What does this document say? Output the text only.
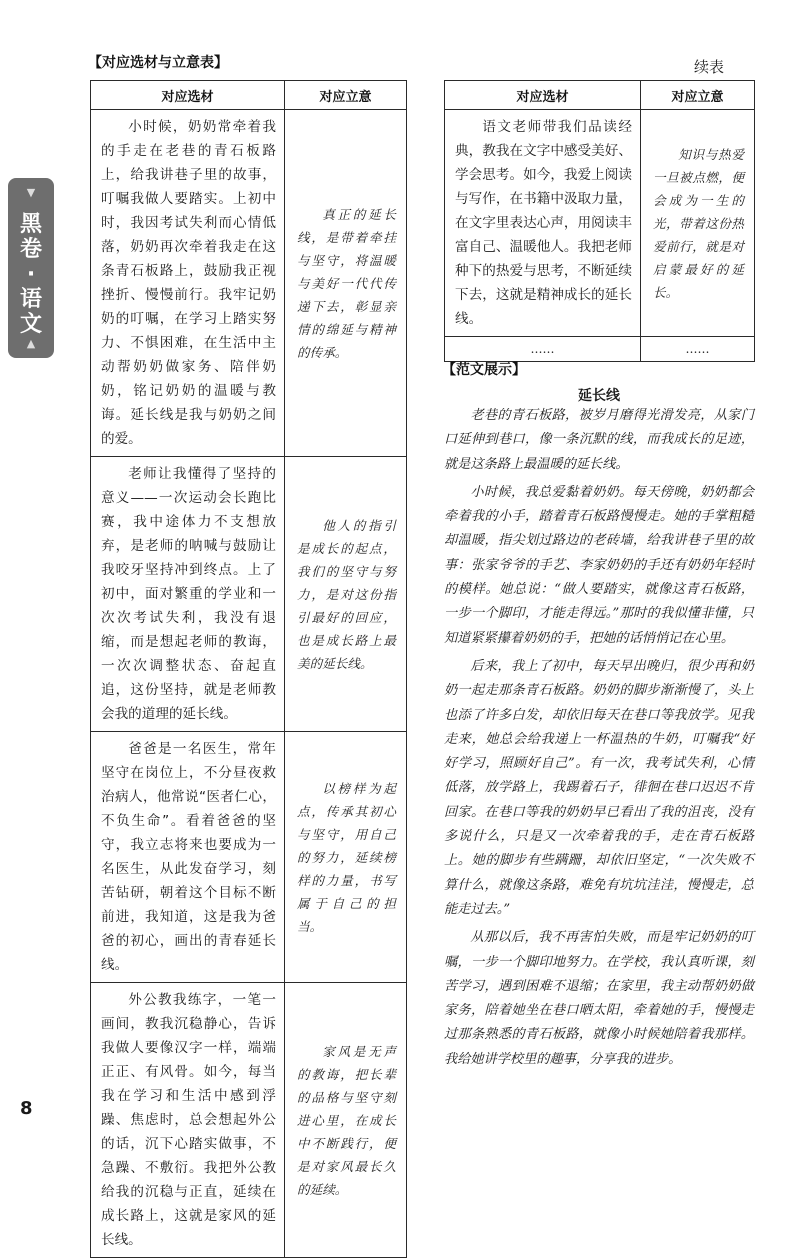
▼
黑
卷
·
语
文
▲
【对应选材与立意表】
对应选材	对应立意
小时候，奶奶常牵着我的手走在老巷的青石板路上，给我讲巷子里的故事，叮嘱我做人要踏实。上初中时，我因考试失利而心情低落，奶奶再次牵着我走在这条青石板路上，鼓励我正视挫折、慢慢前行。我牢记奶奶的叮嘱，在学习上踏实努力、不惧困难，在生活中主动帮奶奶做家务、陪伴奶奶，铭记奶奶的温暖与教诲。延长线是我与奶奶之间的爱。	真正的延长线，是带着牵挂与坚守，将温暖与美好一代代传递下去，彰显亲情的绵延与精神的传承。
老师让我懂得了坚持的意义——一次运动会长跑比赛，我中途体力不支想放弃，是老师的呐喊与鼓励让我咬牙坚持冲到终点。上了初中，面对繁重的学业和一次次考试失利，我没有退缩，而是想起老师的教诲，一次次调整状态、奋起直追，这份坚持，就是老师教会我的道理的延长线。	他人的指引是成长的起点，我们的坚守与努力，是对这份指引最好的回应，也是成长路上最美的延长线。
爸爸是一名医生，常年坚守在岗位上，不分昼夜救治病人，他常说“医者仁心，不负生命”。看着爸爸的坚守，我立志将来也要成为一名医生，从此发奋学习，刻苦钻研，朝着这个目标不断前进，我知道，这是我为爸爸的初心，画出的青春延长线。	以榜样为起点，传承其初心与坚守，用自己的努力，延续榜样的力量，书写属于自己的担当。
外公教我练字，一笔一画间，教我沉稳静心，告诉我做人要像汉字一样，端端正正、有风骨。如今，每当我在学习和生活中感到浮躁、焦虑时，总会想起外公的话，沉下心踏实做事，不急躁、不敷衍。我把外公教给我的沉稳与正直，延续在成长路上，这就是家风的延长线。	家风是无声的教诲，把长辈的品格与坚守刻进心里，在成长中不断践行，便是对家风最长久的延续。
续表
对应选材	对应立意
语文老师带我们品读经典，教我在文字中感受美好、学会思考。如今，我爱上阅读与写作，在书籍中汲取力量，在文字里表达心声，用阅读丰富自己、温暖他人。我把老师种下的热爱与思考，不断延续下去，这就是精神成长的延长线。	知识与热爱一旦被点燃，便会成为一生的光，带着这份热爱前行，就是对启蒙最好的延长。
……	……
【范文展示】
延长线

老巷的青石板路，被岁月磨得光滑发亮，从家门口延伸到巷口，像一条沉默的线，而我成长的足迹，就是这条路上最温暖的延长线。

小时候，我总爱黏着奶奶。每天傍晚，奶奶都会牵着我的小手，踏着青石板路慢慢走。她的手掌粗糙却温暖，指尖划过路边的老砖墙，给我讲巷子里的故事：张家爷爷的手艺、李家奶奶的手还有奶奶年轻时的模样。她总说：“做人要踏实，就像这青石板路，一步一个脚印，才能走得远。”那时的我似懂非懂，只知道紧紧攥着奶奶的手，把她的话悄悄记在心里。

后来，我上了初中，每天早出晚归，很少再和奶奶一起走那条青石板路。奶奶的脚步渐渐慢了，头上也添了许多白发，却依旧每天在巷口等我放学。见我走来，她总会给我递上一杯温热的牛奶，叮嘱我“好好学习，照顾好自己”。有一次，我考试失利，心情低落，放学路上，我踢着石子，徘徊在巷口迟迟不肯回家。在巷口等我的奶奶早已看出了我的沮丧，没有多说什么，只是又一次牵着我的手，走在青石板路上。她的脚步有些蹒跚，却依旧坚定，“一次失败不算什么，就像这条路，难免有坑坑洼洼，慢慢走，总能走过去。”

从那以后，我不再害怕失败，而是牢记奶奶的叮嘱，一步一个脚印地努力。在学校，我认真听课，刻苦学习，遇到困难不退缩；在家里，我主动帮奶奶做家务，陪着她坐在巷口晒太阳，牵着她的手，慢慢走过那条熟悉的青石板路，就像小时候她陪着我那样。我给她讲学校里的趣事，分享我的进步。

8
